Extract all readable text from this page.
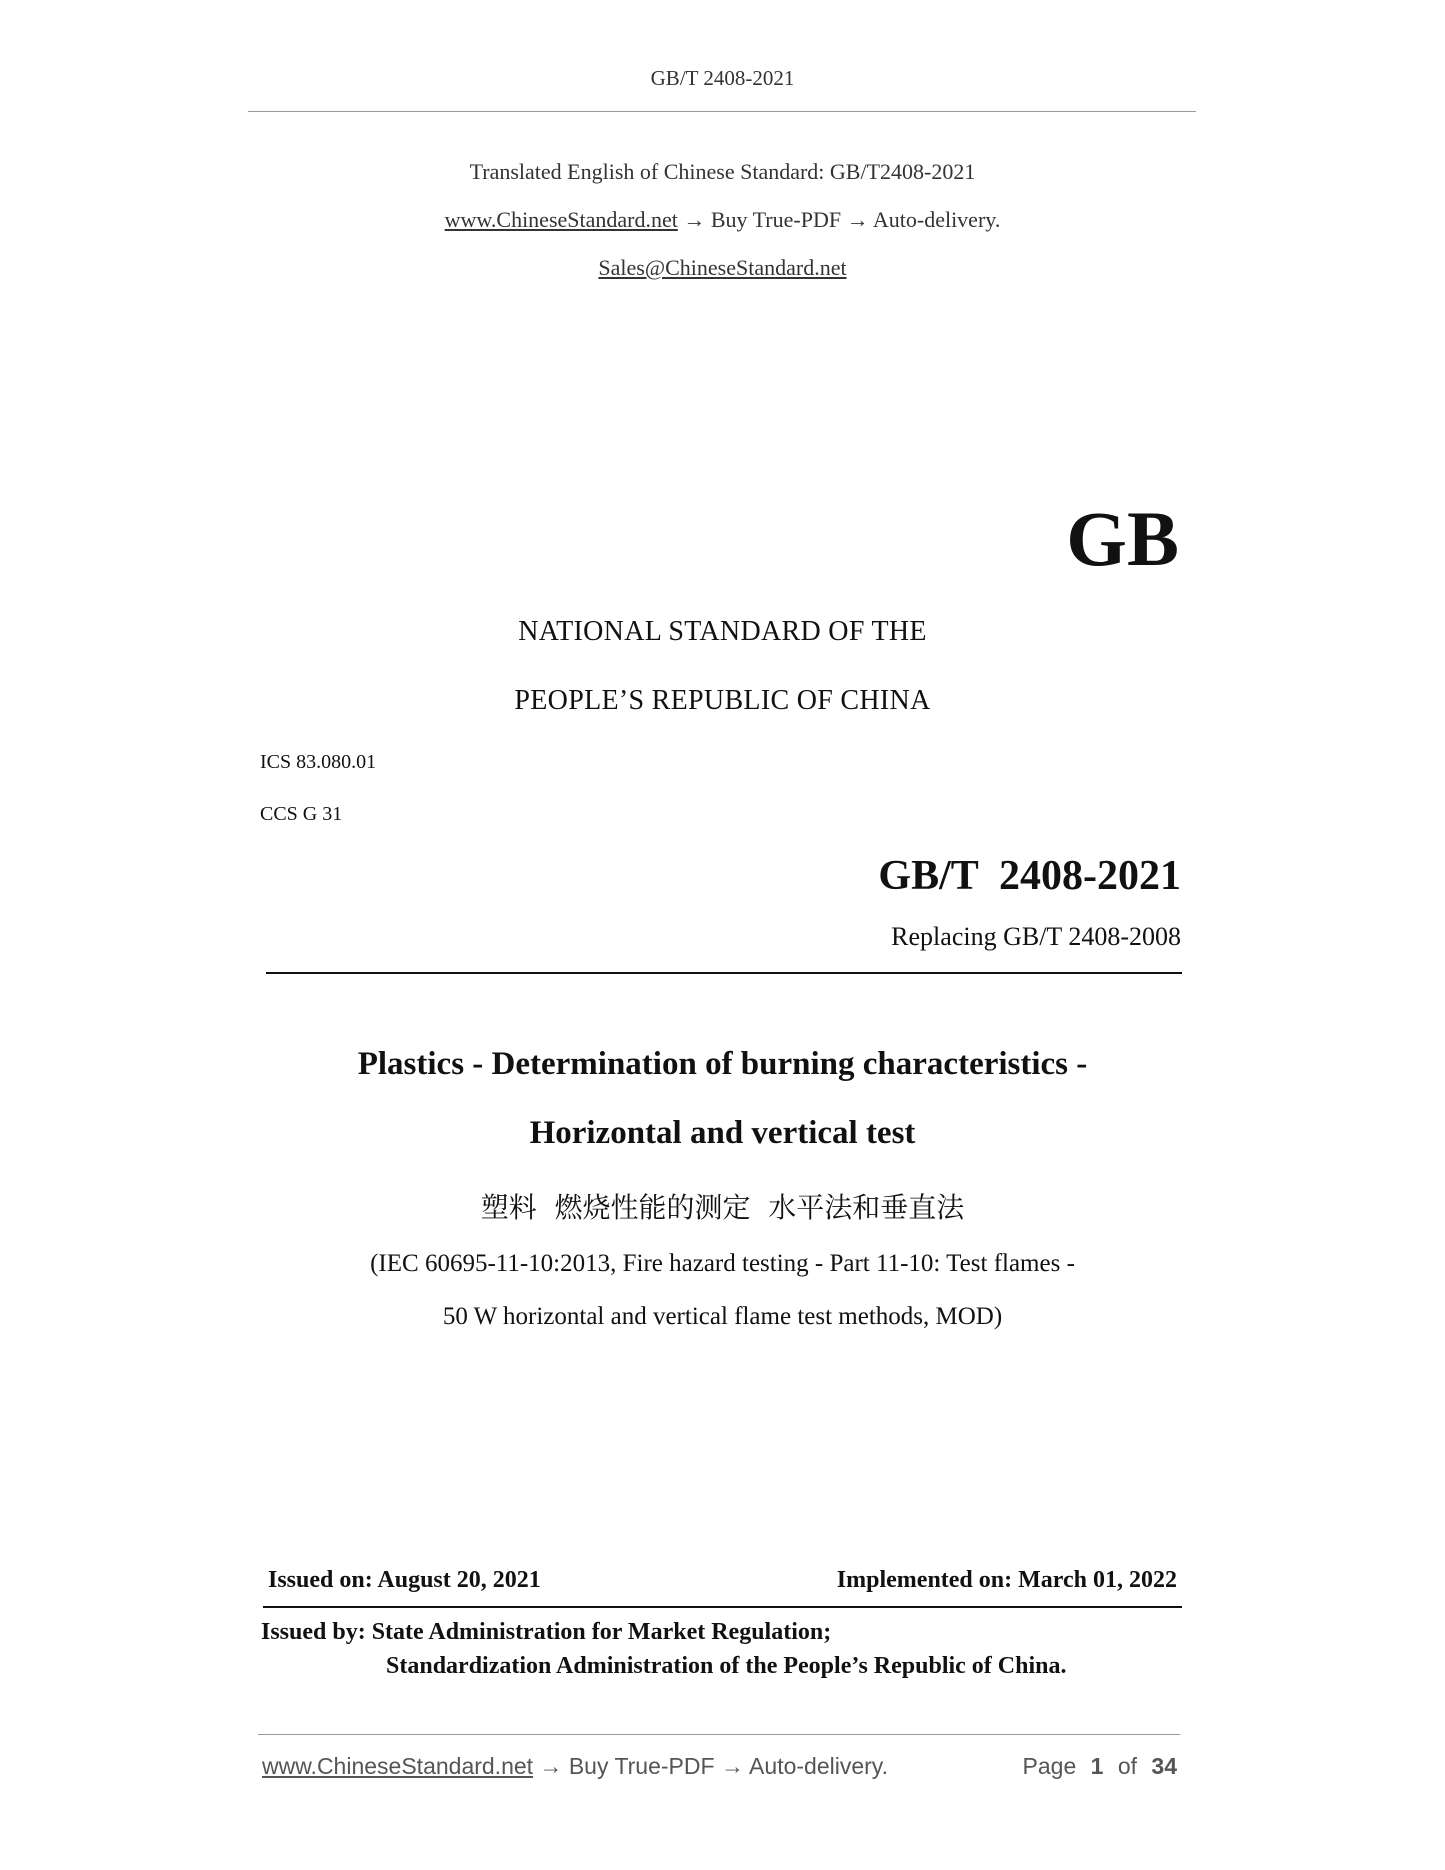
GB/T 2408-2021
Translated English of Chinese Standard: GB/T2408-2021
www.ChineseStandard.net → Buy True-PDF → Auto-delivery.
Sales@ChineseStandard.net
GB
NATIONAL STANDARD OF THE
PEOPLE’S REPUBLIC OF CHINA
ICS 83.080.01
CCS G 31
GB/T  2408-2021
Replacing GB/T 2408-2008
Plastics - Determination of burning characteristics -
Horizontal and vertical test
塑料  燃烧性能的测定  水平法和垂直法
(IEC 60695-11-10:2013, Fire hazard testing - Part 11-10: Test flames -
50 W horizontal and vertical flame test methods, MOD)
Issued on: August 20, 2021	Implemented on: March 01, 2022
Issued by: State Administration for Market Regulation;
Standardization Administration of the People’s Republic of China.
www.ChineseStandard.net → Buy True-PDF → Auto-delivery.	Page 1 of 34
